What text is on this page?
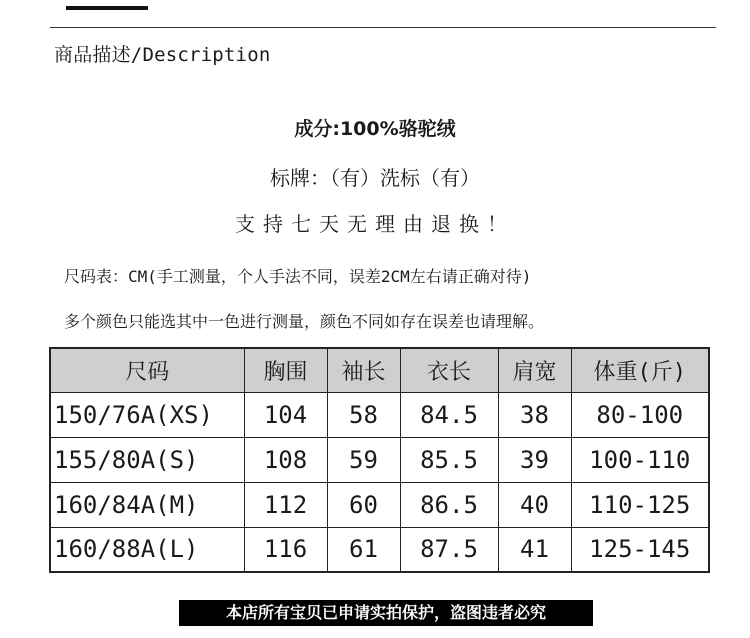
商品描述/Description
成分:100%骆驼绒
标牌：（有）洗标（有）
支持七天无理由退换！
尺码表：CM(手工测量，个人手法不同，误差2CM左右请正确对待)
多个颜色只能选其中一色进行测量，颜色不同如存在误差也请理解。
尺码	胸围	袖长	衣长	肩宽	体重(斤)
150/76A(XS)	104	58	84.5	38	80-100
155/80A(S)	108	59	85.5	39	100-110
160/84A(M)	112	60	86.5	40	110-125
160/88A(L)	116	61	87.5	41	125-145
本店所有宝贝已申请实拍保护，盗图违者必究
